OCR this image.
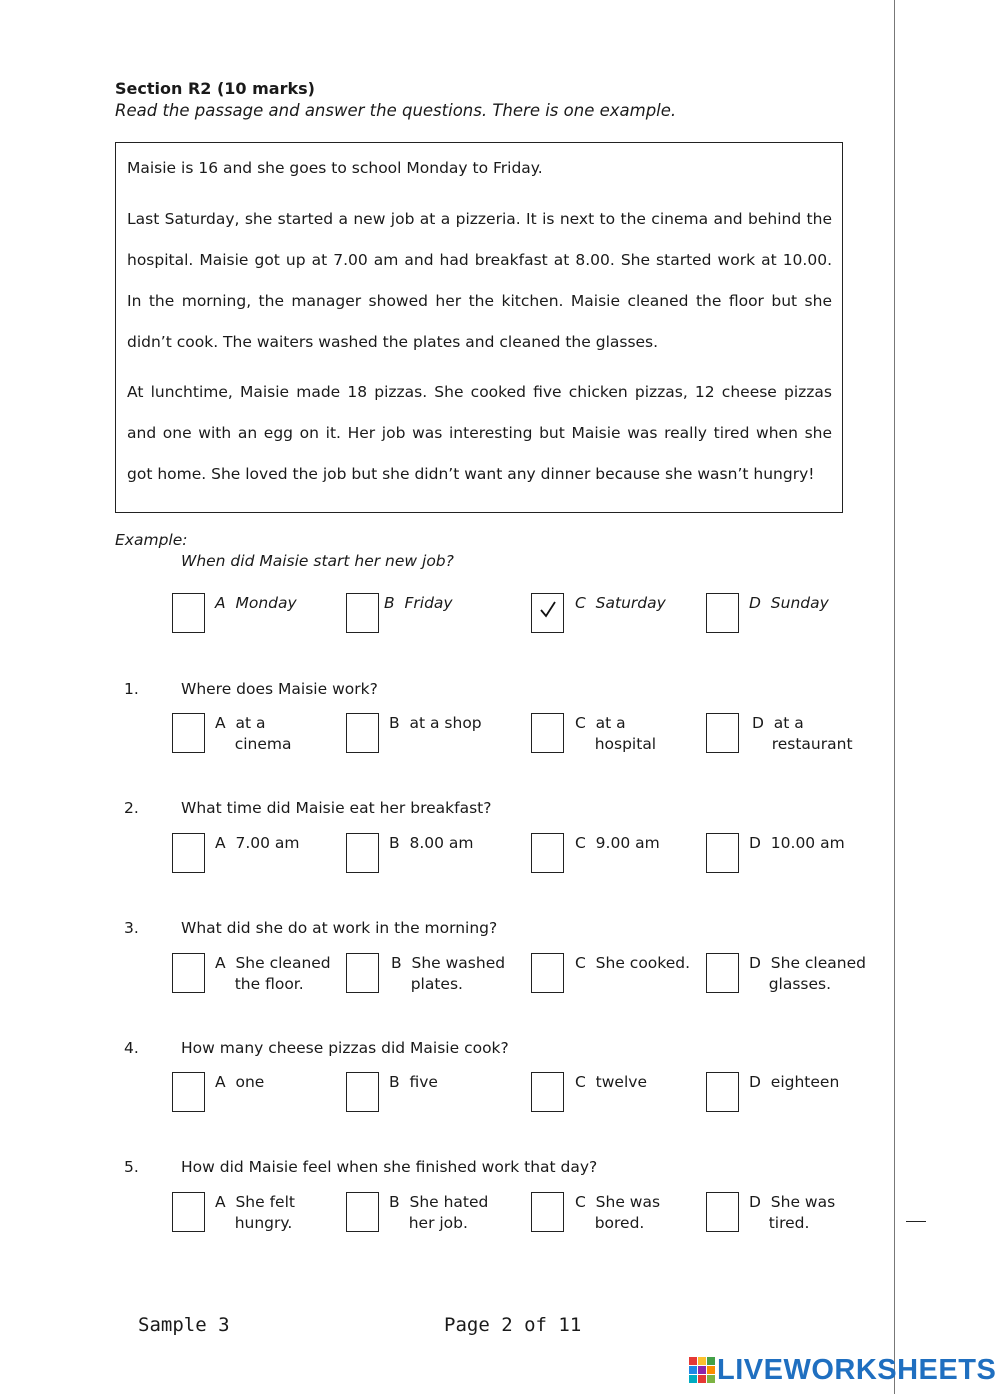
Section R2 (10 marks)
Read the passage and answer the questions. There is one example.

Maisie is 16 and she goes to school Monday to Friday.

Last Saturday, she started a new job at a pizzeria. It is next to the cinema and behind the hospital. Maisie got up at 7.00 am and had breakfast at 8.00. She started work at 10.00. In the morning, the manager showed her the kitchen. Maisie cleaned the floor but she didn’t cook. The waiters washed the plates and cleaned the glasses.

At lunchtime, Maisie made 18 pizzas. She cooked five chicken pizzas, 12 cheese pizzas and one with an egg on it. Her job was interesting but Maisie was really tired when she got home. She loved the job but she didn’t want any dinner because she wasn’t hungry!

Example:
When did Maisie start her new job?
A  Monday	B  Friday	C  Saturday	D  Sunday
1.	Where does Maisie work?
A  at a
cinema
B  at a shop	C  at a
hospital
D  at a
restaurant
2.	What time did Maisie eat her breakfast?
A  7.00 am	B  8.00 am	C  9.00 am	D  10.00 am
3.	What did she do at work in the morning?
A  She cleaned
the floor.
B  She washed
plates.
C  She cooked.	D  She cleaned
glasses.
4.	How many cheese pizzas did Maisie cook?
A  one	B  five	C  twelve	D  eighteen
5.	How did Maisie feel when she finished work that day?
A  She felt
hungry.
B  She hated
her job.
C  She was
bored.
D  She was
tired.
Sample 3	Page 2 of 11
LIVEWORKSHEETS
